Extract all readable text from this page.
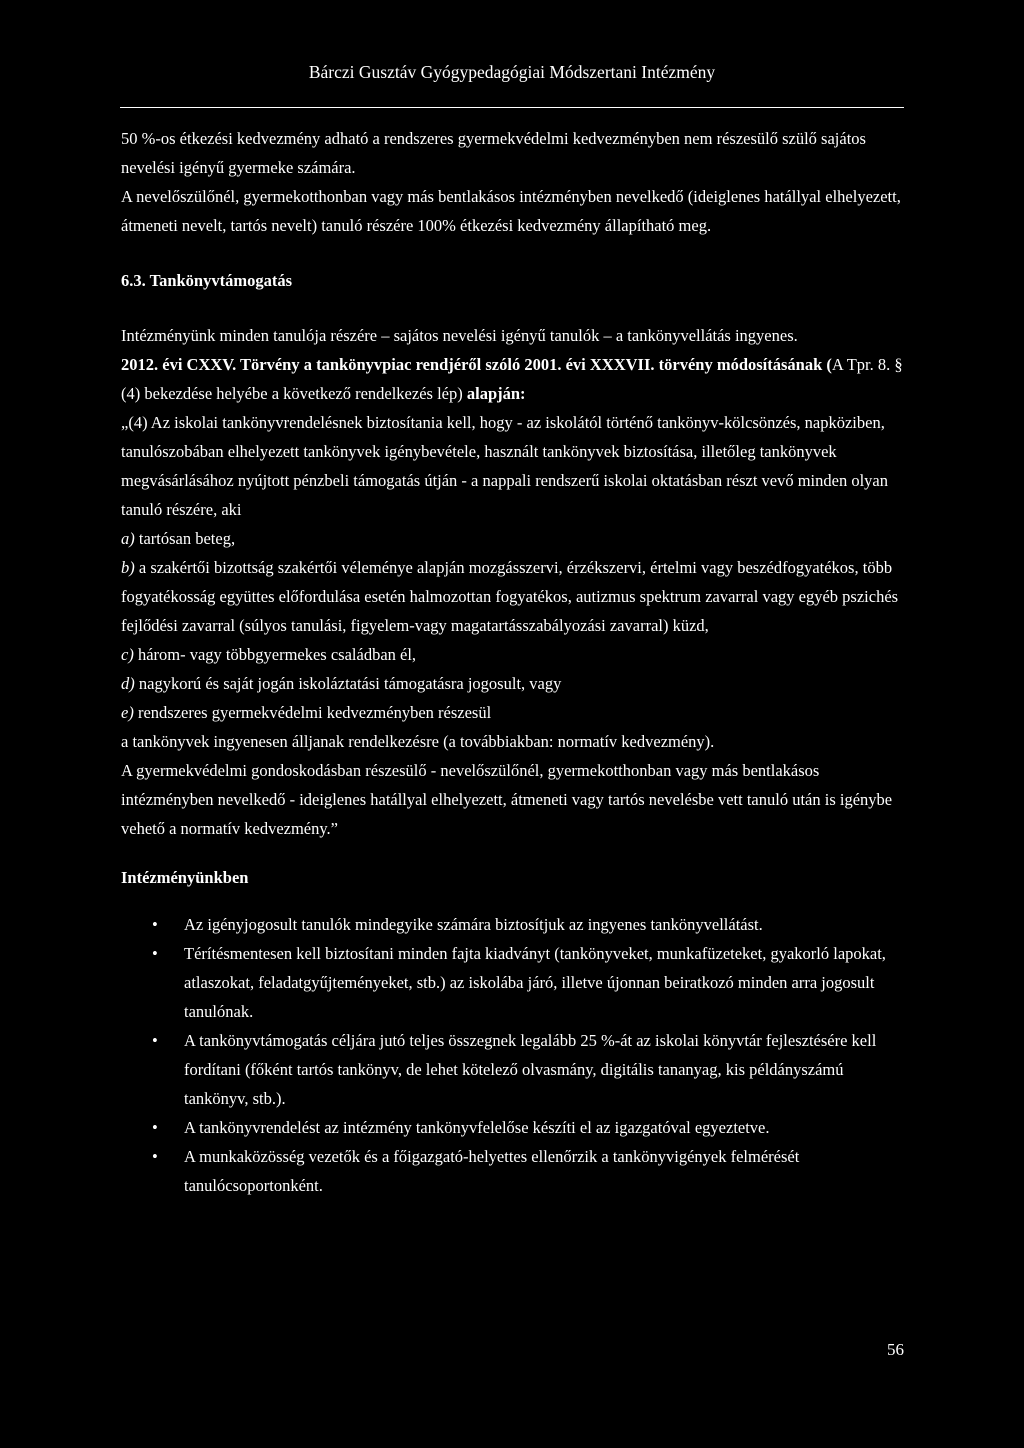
Bárczi Gusztáv Gyógypedagógiai Módszertani Intézmény

50 %-os étkezési kedvezmény adható a rendszeres gyermekvédelmi kedvezményben nem részesülő szülő sajátos nevelési igényű gyermeke számára.

A nevelőszülőnél, gyermekotthonban vagy más bentlakásos intézményben nevelkedő (ideiglenes hatállyal elhelyezett, átmeneti nevelt, tartós nevelt) tanuló részére 100% étkezési kedvezmény állapítható meg.

6.3. Tankönyvtámogatás

Intézményünk minden tanulója részére – sajátos nevelési igényű tanulók – a tankönyvellátás ingyenes.

2012. évi CXXV. Törvény a tankönyvpiac rendjéről szóló 2001. évi XXXVII. törvény módosításának (A Tpr. 8. § (4) bekezdése helyébe a következő rendelkezés lép) alapján:

„(4) Az iskolai tankönyvrendelésnek biztosítania kell, hogy - az iskolától történő tankönyv-kölcsönzés, napköziben, tanulószobában elhelyezett tankönyvek igénybevétele, használt tankönyvek biztosítása, illetőleg tankönyvek megvásárlásához nyújtott pénzbeli támogatás útján - a nappali rendszerű iskolai oktatásban részt vevő minden olyan tanuló részére, aki

a) tartósan beteg,

b) a szakértői bizottság szakértői véleménye alapján mozgásszervi, érzékszervi, értelmi vagy beszédfogyatékos, több fogyatékosság együttes előfordulása esetén halmozottan fogyatékos, autizmus spektrum zavarral vagy egyéb pszichés fejlődési zavarral (súlyos tanulási, figyelem-vagy magatartásszabályozási zavarral) küzd,

c) három- vagy többgyermekes családban él,

d) nagykorú és saját jogán iskoláztatási támogatásra jogosult, vagy

e) rendszeres gyermekvédelmi kedvezményben részesül

a tankönyvek ingyenesen álljanak rendelkezésre (a továbbiakban: normatív kedvezmény).

A gyermekvédelmi gondoskodásban részesülő - nevelőszülőnél, gyermekotthonban vagy más bentlakásos intézményben nevelkedő - ideiglenes hatállyal elhelyezett, átmeneti vagy tartós nevelésbe vett tanuló után is igénybe vehető a normatív kedvezmény.”

Intézményünkben

• Az igényjogosult tanulók mindegyike számára biztosítjuk az ingyenes tankönyvellátást.
• Térítésmentesen kell biztosítani minden fajta kiadványt (tankönyveket, munkafüzeteket, gyakorló lapokat, atlaszokat, feladatgyűjteményeket, stb.) az iskolába járó, illetve újonnan beiratkozó minden arra jogosult tanulónak.
• A tankönyvtámogatás céljára jutó teljes összegnek legalább 25 %-át az iskolai könyvtár fejlesztésére kell fordítani (főként tartós tankönyv, de lehet kötelező olvasmány, digitális tananyag, kis példányszámú tankönyv, stb.).
• A tankönyvrendelést az intézmény tankönyvfelelőse készíti el az igazgatóval egyeztetve.
• A munkaközösség vezetők és a főigazgató-helyettes ellenőrzik a tankönyvigények felmérését tanulócsoportonként.
56
